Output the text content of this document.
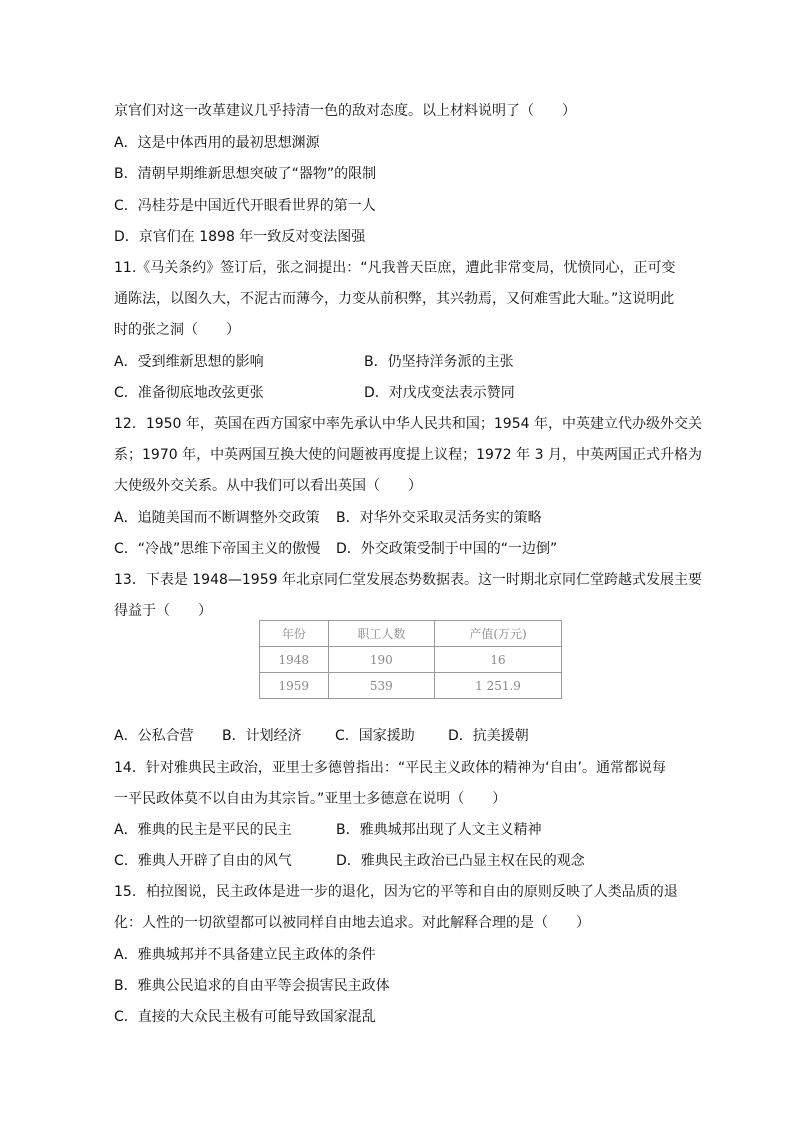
京官们对这一改革建议几乎持清一色的敌对态度。以上材料说明了（　　）
A．这是中体西用的最初思想渊源
B．清朝早期维新思想突破了“器物”的限制
C．冯桂芬是中国近代开眼看世界的第一人
D．京官们在 1898 年一致反对变法图强
11.《马关条约》签订后，张之洞提出：“凡我普天臣庶，遭此非常变局，忧愤同心，正可变
通陈法，以图久大，不泥古而薄今，力变从前积弊，其兴勃焉，又何难雪此大耻。”这说明此
时的张之洞（　　）
A．受到维新思想的影响	B．仍坚持洋务派的主张
C．准备彻底地改弦更张	D．对戊戌变法表示赞同
12．1950 年，英国在西方国家中率先承认中华人民共和国；1954 年，中英建立代办级外交关
系；1970 年，中英两国互换大使的问题被再度提上议程；1972 年 3 月，中英两国正式升格为
大使级外交关系。从中我们可以看出英国（　　）
A．追随美国而不断调整外交政策 B．对华外交采取灵活务实的策略
C．“冷战”思维下帝国主义的傲慢 D．外交政策受制于中国的“一边倒”
13．下表是 1948—1959 年北京同仁堂发展态势数据表。这一时期北京同仁堂跨越式发展主要
得益于（　　）
年份	职工人数	产值(万元)
1948	190	16
1959	539	1 251.9
A．公私合营 B．计划经济 C．国家援助 D．抗美援朝
14．针对雅典民主政治，亚里士多德曾指出：“平民主义政体的精神为‘自由’。通常都说每
一平民政体莫不以自由为其宗旨。”亚里士多德意在说明（　　）
A．雅典的民主是平民的民主	B．雅典城邦出现了人文主义精神
C．雅典人开辟了自由的风气	D．雅典民主政治已凸显主权在民的观念
15．柏拉图说，民主政体是进一步的退化，因为它的平等和自由的原则反映了人类品质的退
化：人性的一切欲望都可以被同样自由地去追求。对此解释合理的是（　　）
A．雅典城邦并不具备建立民主政体的条件
B．雅典公民追求的自由平等会损害民主政体
C．直接的大众民主极有可能导致国家混乱
